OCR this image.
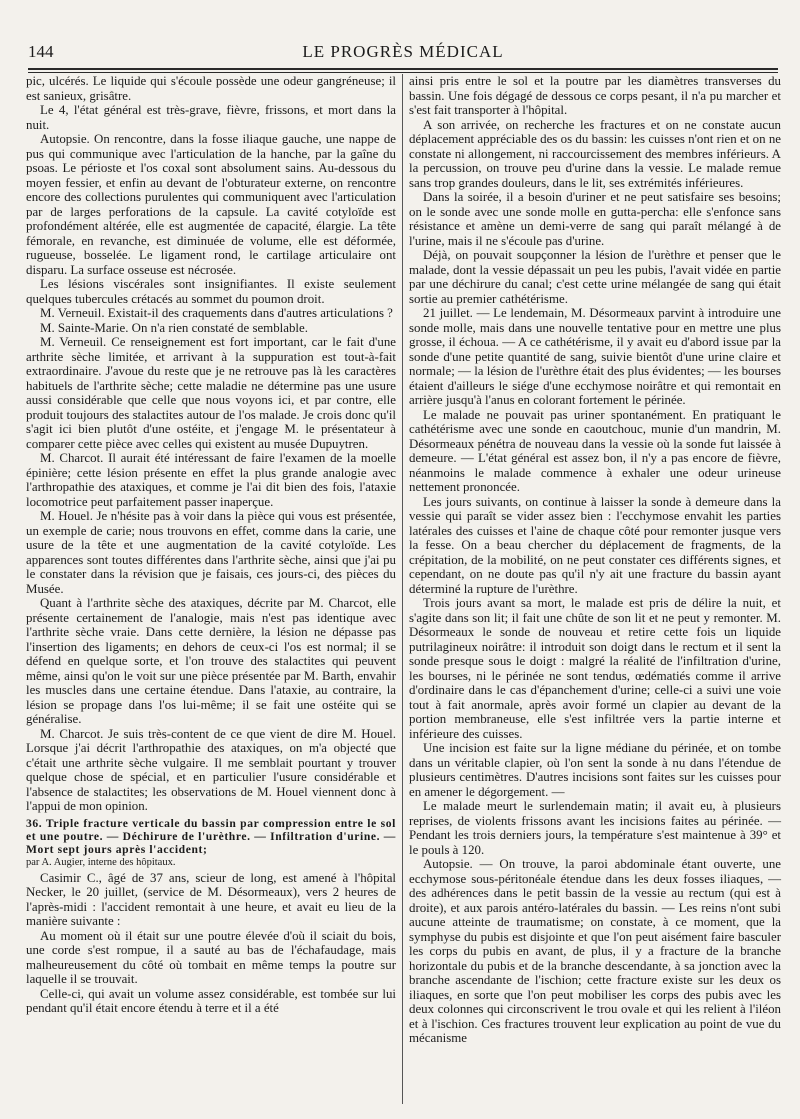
144	LE PROGRÈS MÉDICAL

pic, ulcérés. Le liquide qui s'écoule possède une odeur gangréneuse; il est sanieux, grisâtre.

Le 4, l'état général est très-grave, fièvre, frissons, et mort dans la nuit.

Autopsie. On rencontre, dans la fosse iliaque gauche, une nappe de pus qui communique avec l'articulation de la hanche, par la gaîne du psoas. Le périoste et l'os coxal sont absolument sains. Au-dessous du moyen fessier, et enfin au devant de l'obturateur externe, on rencontre encore des collections purulentes qui communiquent avec l'articulation par de larges perforations de la capsule. La cavité cotyloïde est profondément altérée, elle est augmentée de capacité, élargie. La tête fémorale, en revanche, est diminuée de volume, elle est déformée, rugueuse, bosselée. Le ligament rond, le cartilage articulaire ont disparu. La surface osseuse est nécrosée.

Les lésions viscérales sont insignifiantes. Il existe seulement quelques tubercules crétacés au sommet du poumon droit.

M. Verneuil. Existait-il des craquements dans d'autres articulations ?

M. Sainte-Marie. On n'a rien constaté de semblable.

M. Verneuil. Ce renseignement est fort important, car le fait d'une arthrite sèche limitée, et arrivant à la suppuration est tout-à-fait extraordinaire. J'avoue du reste que je ne retrouve pas là les caractères habituels de l'arthrite sèche; cette maladie ne détermine pas une usure aussi considérable que celle que nous voyons ici, et par contre, elle produit toujours des stalactites autour de l'os malade. Je crois donc qu'il s'agit ici bien plutôt d'une ostéite, et j'engage M. le présentateur à comparer cette pièce avec celles qui existent au musée Dupuytren.

M. Charcot. Il aurait été intéressant de faire l'examen de la moelle épinière; cette lésion présente en effet la plus grande analogie avec l'arthropathie des ataxiques, et comme je l'ai dit bien des fois, l'ataxie locomotrice peut parfaitement passer inaperçue.

M. Houel. Je n'hésite pas à voir dans la pièce qui vous est présentée, un exemple de carie; nous trouvons en effet, comme dans la carie, une usure de la tête et une augmentation de la cavité cotyloïde. Les apparences sont toutes différentes dans l'arthrite sèche, ainsi que j'ai pu le constater dans la révision que je faisais, ces jours-ci, des pièces du Musée.

Quant à l'arthrite sèche des ataxiques, décrite par M. Charcot, elle présente certainement de l'analogie, mais n'est pas identique avec l'arthrite sèche vraie. Dans cette dernière, la lésion ne dépasse pas l'insertion des ligaments; en dehors de ceux-ci l'os est normal; il se défend en quelque sorte, et l'on trouve des stalactites qui peuvent même, ainsi qu'on le voit sur une pièce présentée par M. Barth, envahir les muscles dans une certaine étendue. Dans l'ataxie, au contraire, la lésion se propage dans l'os lui-même; il se fait une ostéite qui se généralise.

M. Charcot. Je suis très-content de ce que vient de dire M. Houel. Lorsque j'ai décrit l'arthropathie des ataxiques, on m'a objecté que c'était une arthrite sèche vulgaire. Il me semblait pourtant y trouver quelque chose de spécial, et en particulier l'usure considérable et l'absence de stalactites; les observations de M. Houel viennent donc à l'appui de mon opinion.

36. Triple fracture verticale du bassin par compression entre le sol et une poutre. — Déchirure de l'urèthre. — Infiltration d'urine. — Mort sept jours après l'accident;

par A. Augier, interne des hôpitaux.

Casimir C., âgé de 37 ans, scieur de long, est amené à l'hôpital Necker, le 20 juillet, (service de M. Désormeaux), vers 2 heures de l'après-midi : l'accident remontait à une heure, et avait eu lieu de la manière suivante :

Au moment où il était sur une poutre élevée d'où il sciait du bois, une corde s'est rompue, il a sauté au bas de l'échafaudage, mais malheureusement du côté où tombait en même temps la poutre sur laquelle il se trouvait.

Celle-ci, qui avait un volume assez considérable, est tombée sur lui pendant qu'il était encore étendu à terre et il a été

ainsi pris entre le sol et la poutre par les diamètres transverses du bassin. Une fois dégagé de dessous ce corps pesant, il n'a pu marcher et s'est fait transporter à l'hôpital.

A son arrivée, on recherche les fractures et on ne constate aucun déplacement appréciable des os du bassin: les cuisses n'ont rien et on ne constate ni allongement, ni raccourcissement des membres inférieurs. A la percussion, on trouve peu d'urine dans la vessie. Le malade remue sans trop grandes douleurs, dans le lit, ses extrémités inférieures.

Dans la soirée, il a besoin d'uriner et ne peut satisfaire ses besoins; on le sonde avec une sonde molle en gutta-percha: elle s'enfonce sans résistance et amène un demi-verre de sang qui paraît mélangé à de l'urine, mais il ne s'écoule pas d'urine.

Déjà, on pouvait soupçonner la lésion de l'urèthre et penser que le malade, dont la vessie dépassait un peu les pubis, l'avait vidée en partie par une déchirure du canal; c'est cette urine mélangée de sang qui était sortie au premier cathétérisme.

21 juillet. — Le lendemain, M. Désormeaux parvint à introduire une sonde molle, mais dans une nouvelle tentative pour en mettre une plus grosse, il échoua. — A ce cathétérisme, il y avait eu d'abord issue par la sonde d'une petite quantité de sang, suivie bientôt d'une urine claire et normale; — la lésion de l'urèthre était des plus évidentes; — les bourses étaient d'ailleurs le siége d'une ecchymose noirâtre et qui remontait en arrière jusqu'à l'anus en colorant fortement le périnée.

Le malade ne pouvait pas uriner spontanément. En pratiquant le cathétérisme avec une sonde en caoutchouc, munie d'un mandrin, M. Désormeaux pénétra de nouveau dans la vessie où la sonde fut laissée à demeure. — L'état général est assez bon, il n'y a pas encore de fièvre, néanmoins le malade commence à exhaler une odeur urineuse nettement prononcée.

Les jours suivants, on continue à laisser la sonde à demeure dans la vessie qui paraît se vider assez bien : l'ecchymose envahit les parties latérales des cuisses et l'aine de chaque côté pour remonter jusque vers la fesse. On a beau chercher du déplacement de fragments, de la crépitation, de la mobilité, on ne peut constater ces différents signes, et cependant, on ne doute pas qu'il n'y ait une fracture du bassin ayant déterminé la rupture de l'urèthre.

Trois jours avant sa mort, le malade est pris de délire la nuit, et s'agite dans son lit; il fait une chûte de son lit et ne peut y remonter. M. Désormeaux le sonde de nouveau et retire cette fois un liquide putrilagineux noirâtre: il introduit son doigt dans le rectum et il sent la sonde presque sous le doigt : malgré la réalité de l'infiltration d'urine, les bourses, ni le périnée ne sont tendus, œdématiés comme il arrive d'ordinaire dans le cas d'épanchement d'urine; celle-ci a suivi une voie tout à fait anormale, après avoir formé un clapier au devant de la portion membraneuse, elle s'est infiltrée vers la partie interne et inférieure des cuisses.

Une incision est faite sur la ligne médiane du périnée, et on tombe dans un véritable clapier, où l'on sent la sonde à nu dans l'étendue de plusieurs centimètres. D'autres incisions sont faites sur les cuisses pour en amener le dégorgement. —

Le malade meurt le surlendemain matin; il avait eu, à plusieurs reprises, de violents frissons avant les incisions faites au périnée. — Pendant les trois derniers jours, la température s'est maintenue à 39° et le pouls à 120.

Autopsie. — On trouve, la paroi abdominale étant ouverte, une ecchymose sous-péritonéale étendue dans les deux fosses iliaques, — des adhérences dans le petit bassin de la vessie au rectum (qui est à droite), et aux parois antéro-latérales du bassin. — Les reins n'ont subi aucune atteinte de traumatisme; on constate, à ce moment, que la symphyse du pubis est disjointe et que l'on peut aisément faire basculer les corps du pubis en avant, de plus, il y a fracture de la branche horizontale du pubis et de la branche descendante, à sa jonction avec la branche ascendante de l'ischion; cette fracture existe sur les deux os iliaques, en sorte que l'on peut mobiliser les corps des pubis avec les deux colonnes qui circonscrivent le trou ovale et qui les relient à l'iléon et à l'ischion. Ces fractures trouvent leur explication au point de vue du mécanisme
